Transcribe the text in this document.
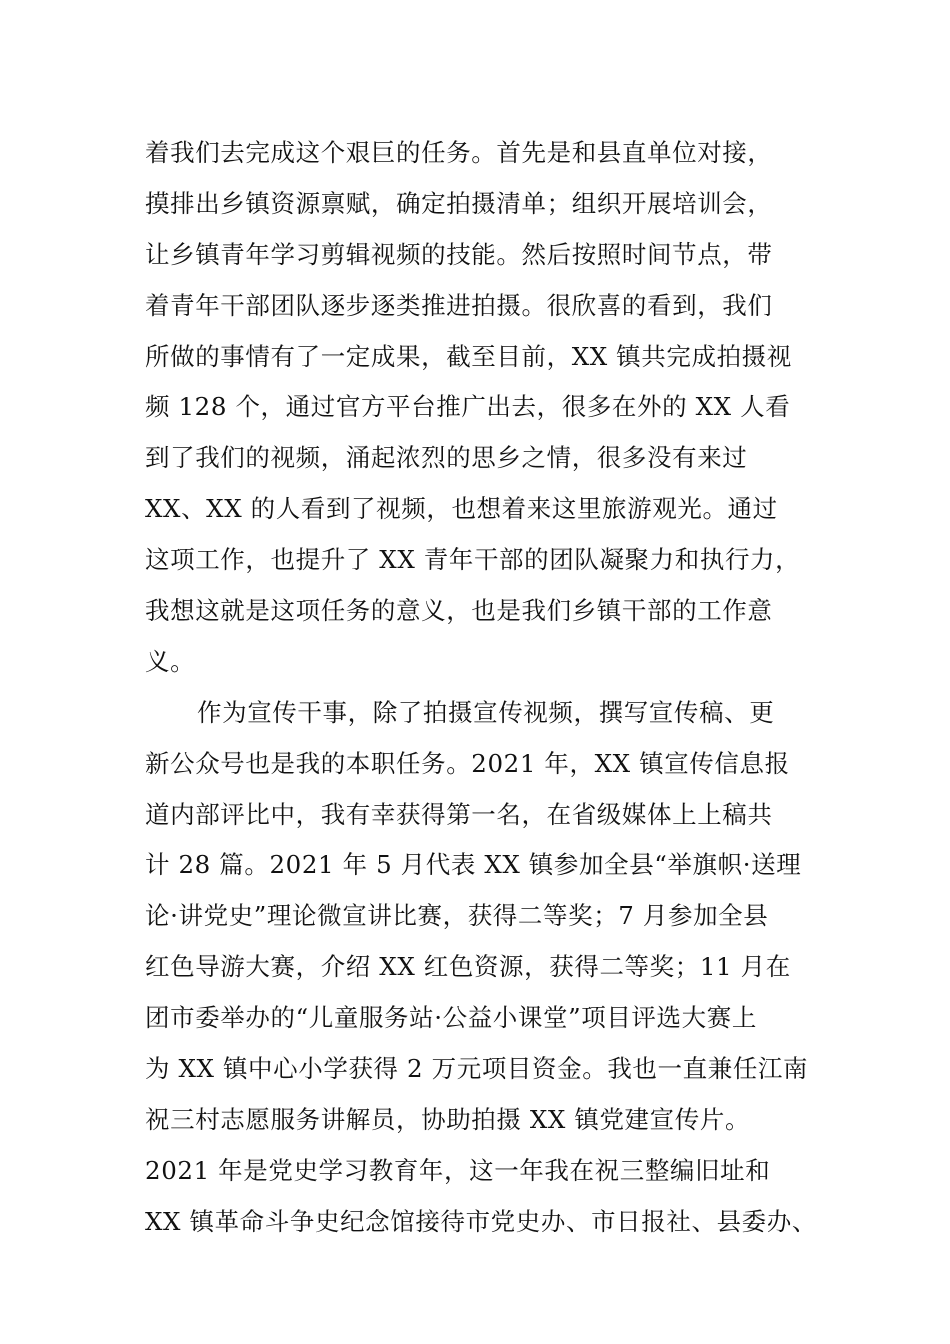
着我们去完成这个艰巨的任务。首先是和县直单位对接，
摸排出乡镇资源禀赋，确定拍摄清单；组织开展培训会，
让乡镇青年学习剪辑视频的技能。然后按照时间节点，带
着青年干部团队逐步逐类推进拍摄。很欣喜的看到，我们
所做的事情有了一定成果，截至目前，XX 镇共完成拍摄视
频 128 个，通过官方平台推广出去，很多在外的 XX 人看
到了我们的视频，涌起浓烈的思乡之情，很多没有来过
XX、XX 的人看到了视频，也想着来这里旅游观光。通过
这项工作，也提升了 XX 青年干部的团队凝聚力和执行力，
我想这就是这项任务的意义，也是我们乡镇干部的工作意
义。
作为宣传干事，除了拍摄宣传视频，撰写宣传稿、更
新公众号也是我的本职任务。2021 年，XX 镇宣传信息报
道内部评比中，我有幸获得第一名，在省级媒体上上稿共
计 28 篇。2021 年 5 月代表 XX 镇参加全县“举旗帜·送理
论·讲党史”理论微宣讲比赛，获得二等奖；7 月参加全县
红色导游大赛，介绍 XX 红色资源，获得二等奖；11 月在
团市委举办的“儿童服务站·公益小课堂”项目评选大赛上
为 XX 镇中心小学获得 2 万元项目资金。我也一直兼任江南
祝三村志愿服务讲解员，协助拍摄 XX 镇党建宣传片。
2021 年是党史学习教育年，这一年我在祝三整编旧址和
XX 镇革命斗争史纪念馆接待市党史办、市日报社、县委办、
